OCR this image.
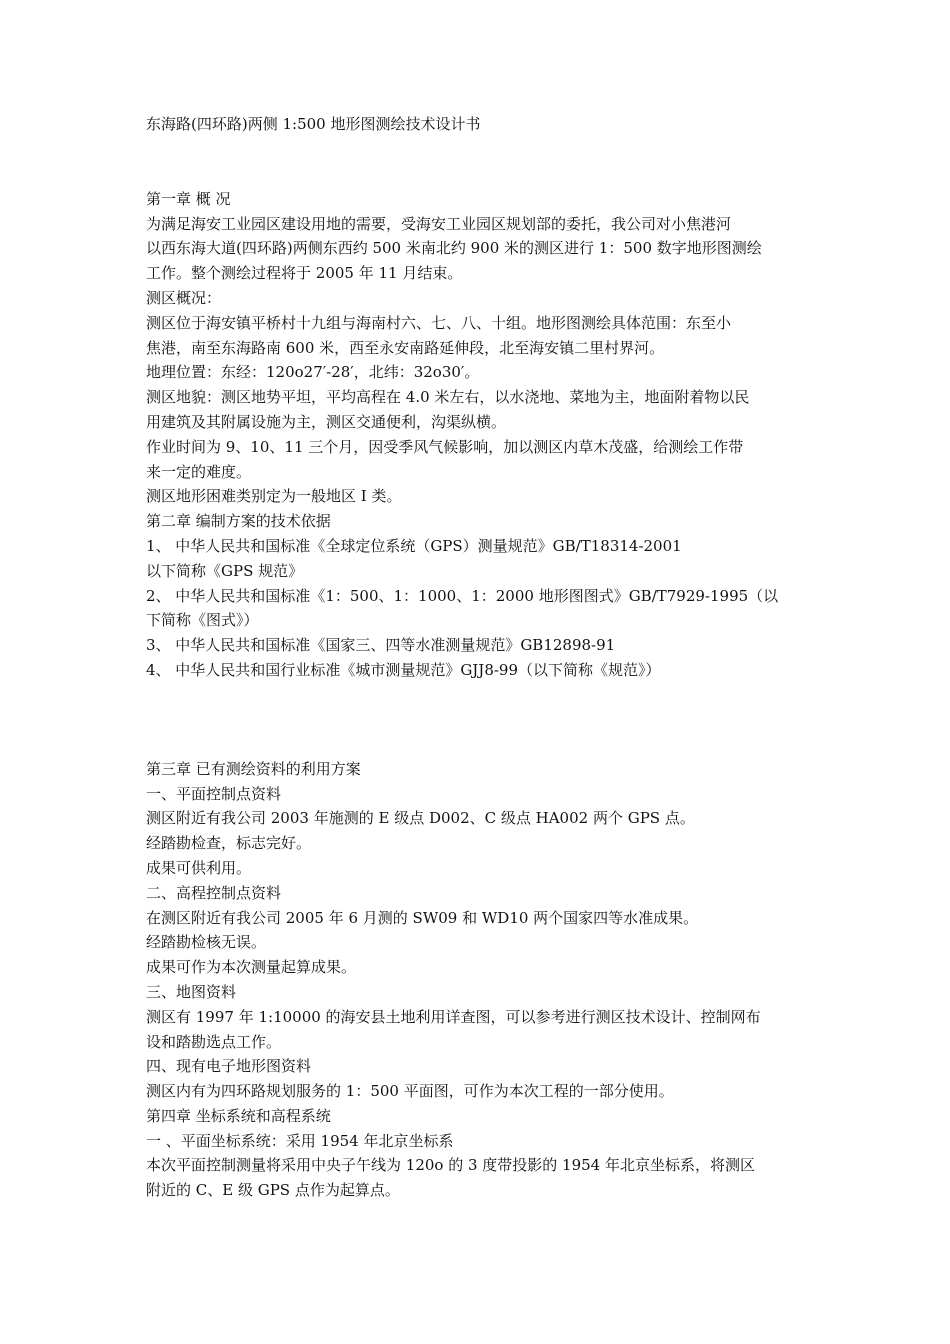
东海路(四环路)两侧 1:500 地形图测绘技术设计书
第一章 概 况
为满足海安工业园区建设用地的需要，受海安工业园区规划部的委托，我公司对小焦港河
以西东海大道(四环路)两侧东西约 500 米南北约 900 米的测区进行 1：500 数字地形图测绘
工作。整个测绘过程将于 2005 年 11 月结束。
测区概况：
测区位于海安镇平桥村十九组与海南村六、七、八、十组。地形图测绘具体范围：东至小
焦港，南至东海路南 600 米，西至永安南路延伸段，北至海安镇二里村界河。
地理位置：东经：120o27′-28′，北纬：32o30′。
测区地貌：测区地势平坦，平均高程在 4.0 米左右，以水浇地、菜地为主，地面附着物以民
用建筑及其附属设施为主，测区交通便利，沟渠纵横。
作业时间为 9、10、11 三个月，因受季风气候影响，加以测区内草木茂盛，给测绘工作带
来一定的难度。
测区地形困难类别定为一般地区 I 类。
第二章 编制方案的技术依据
1、 中华人民共和国标准《全球定位系统（GPS）测量规范》GB/T18314-2001
以下简称《GPS 规范》
2、 中华人民共和国标准《1：500、1：1000、1：2000 地形图图式》GB/T7929-1995（以
下简称《图式》）
3、 中华人民共和国标准《国家三、四等水准测量规范》GB12898-91
4、 中华人民共和国行业标准《城市测量规范》GJJ8-99（以下简称《规范》）
第三章 已有测绘资料的利用方案
一、平面控制点资料
测区附近有我公司 2003 年施测的 E 级点 D002、C 级点 HA002 两个 GPS 点。
经踏勘检查，标志完好。
成果可供利用。
二、高程控制点资料
在测区附近有我公司 2005 年 6 月测的 SW09 和 WD10 两个国家四等水准成果。
经踏勘检核无误。
成果可作为本次测量起算成果。
三、地图资料
测区有 1997 年 1:10000 的海安县土地利用详查图，可以参考进行测区技术设计、控制网布
设和踏勘选点工作。
四、现有电子地形图资料
测区内有为四环路规划服务的 1：500 平面图，可作为本次工程的一部分使用。
第四章 坐标系统和高程系统
一 、平面坐标系统：采用 1954 年北京坐标系
本次平面控制测量将采用中央子午线为 120o 的 3 度带投影的 1954 年北京坐标系，将测区
附近的 C、E 级 GPS 点作为起算点。
